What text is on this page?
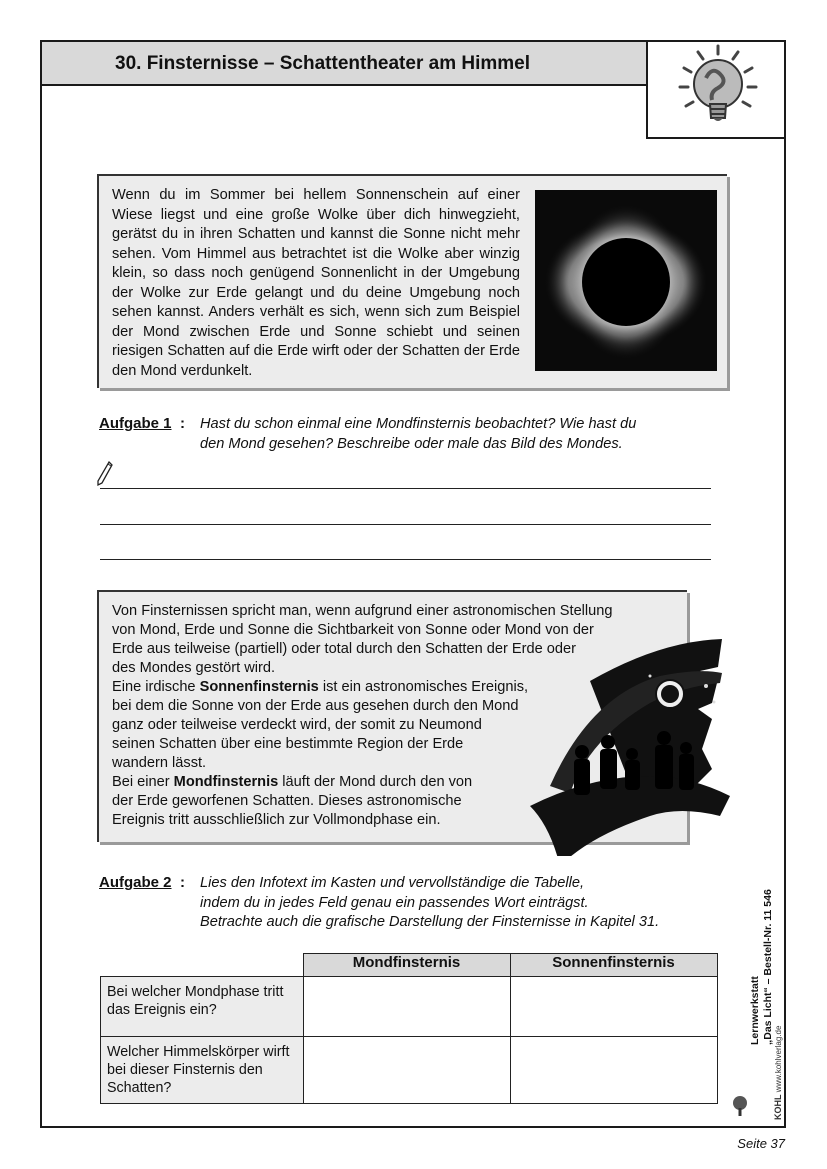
30. Finsternisse – Schattentheater am Himmel
Wenn du im Sommer bei hellem Sonnenschein auf einer Wiese liegst und eine große Wolke über dich hinwegzieht, gerätst du in ihren Schatten und kannst die Sonne nicht mehr sehen. Vom Himmel aus betrachtet ist die Wolke aber winzig klein, so dass noch genügend Sonnenlicht in der Umgebung der Wolke zur Erde gelangt und du deine Umgebung noch sehen kannst. Anders verhält es sich, wenn sich zum Beispiel der Mond zwischen Erde und Sonne schiebt und seinen riesigen Schatten auf die Erde wirft oder der Schatten der Erde den Mond verdunkelt.
Aufgabe 1 : Hast du schon einmal eine Mondfinsternis beobachtet? Wie hast du
den Mond gesehen? Beschreibe oder male das Bild des Mondes.
Von Finsternissen spricht man, wenn aufgrund einer astronomischen Stellung
von Mond, Erde und Sonne die Sichtbarkeit von Sonne oder Mond von der
Erde aus teilweise (partiell) oder total durch den Schatten der Erde oder
des Mondes gestört wird.
Eine irdische Sonnenfinsternis ist ein astronomisches Ereignis,
bei dem die Sonne von der Erde aus gesehen durch den Mond
ganz oder teilweise verdeckt wird, der somit zu Neumond
seinen Schatten über eine bestimmte Region der Erde
wandern lässt.
Bei einer Mondfinsternis läuft der Mond durch den von
der Erde geworfenen Schatten. Dieses astronomische
Ereignis tritt ausschließlich zur Vollmondphase ein.
Aufgabe 2 : Lies den Infotext im Kasten und vervollständige die Tabelle,
indem du in jedes Feld genau ein passendes Wort einträgst.
Betrachte auch die grafische Darstellung der Finsternisse in Kapitel 31.
	Mondfinsternis	Sonnenfinsternis
Bei welcher Mondphase tritt das Ereignis ein?		
Welcher Himmelskörper wirft bei dieser Finsternis den Schatten?		
Lernwerkstatt „Das Licht“ – Bestell-Nr. 11 546
KOHL www.kohlverlag.de
Seite 37
